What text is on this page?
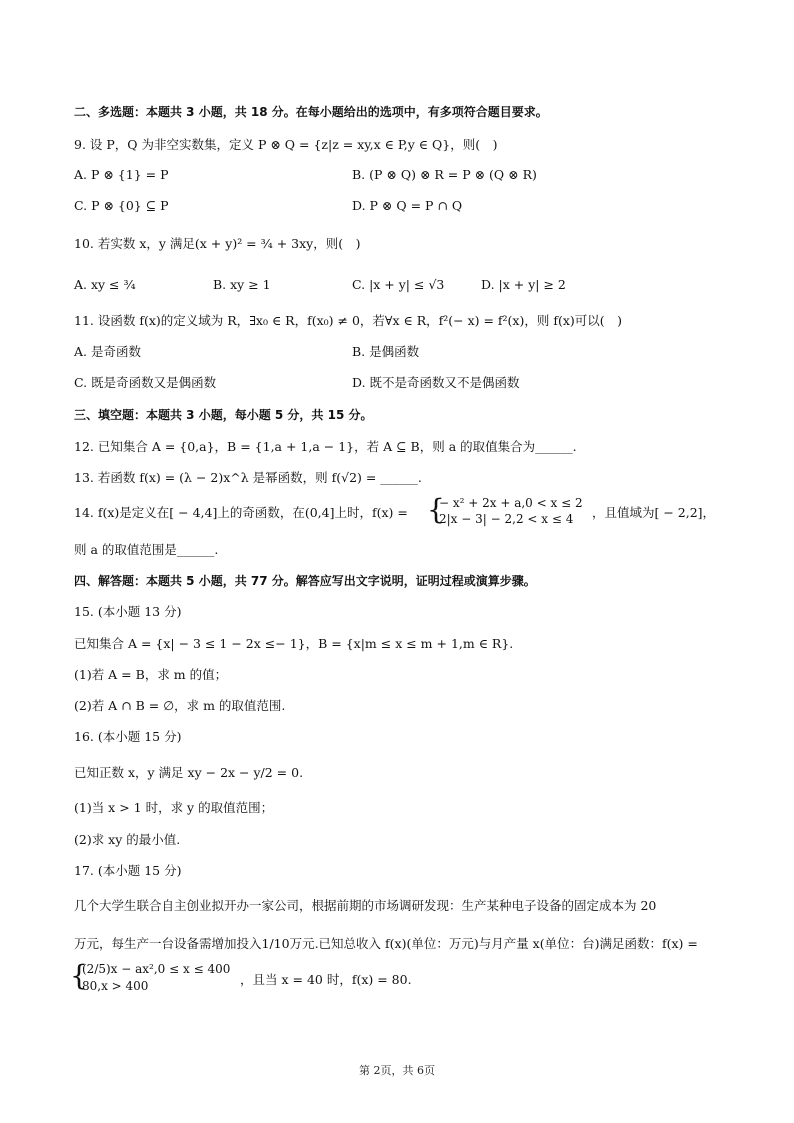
二、多选题：本题共 3 小题，共 18 分。在每小题给出的选项中，有多项符合题目要求。
9. 设 P，Q 为非空实数集，定义 P ⊗ Q = {z|z = xy,x ∈ P,y ∈ Q}，则(　)
A. P ⊗ {1} = P	B. (P ⊗ Q) ⊗ R = P ⊗ (Q ⊗ R)
C. P ⊗ {0} ⊆ P	D. P ⊗ Q = P ∩ Q
10. 若实数 x，y 满足(x + y)² = ¾ + 3xy，则(　)
A. xy ≤ ¾	B. xy ≥ 1	C. |x + y| ≤ √3	D. |x + y| ≥ 2
11. 设函数 f(x)的定义域为 R，∃x₀ ∈ R，f(x₀) ≠ 0，若∀x ∈ R，f²(− x) = f²(x)，则 f(x)可以(　)
A. 是奇函数	B. 是偶函数
C. 既是奇函数又是偶函数	D. 既不是奇函数又不是偶函数
三、填空题：本题共 3 小题，每小题 5 分，共 15 分。
12. 已知集合 A = {0,a}，B = {1,a + 1,a − 1}，若 A ⊆ B，则 a 的取值集合为______.
13. 若函数 f(x) = (λ − 2)x^λ 是幂函数，则 f(√2) = ______.
14. f(x)是定义在[ − 4,4]上的奇函数，在(0,4]上时，f(x) = {
− x² + 2x + a,0 < x ≤ 2
2|x − 3| − 2,2 < x ≤ 4 ，且值域为[ − 2,2]，
则 a 的取值范围是______.
四、解答题：本题共 5 小题，共 77 分。解答应写出文字说明，证明过程或演算步骤。
15. (本小题 13 分)
已知集合 A = {x| − 3 ≤ 1 − 2x ≤− 1}，B = {x|m ≤ x ≤ m + 1,m ∈ R}.
(1)若 A = B，求 m 的值；
(2)若 A ∩ B = ∅，求 m 的取值范围.
16. (本小题 15 分)
已知正数 x，y 满足 xy − 2x − y/2 = 0.
(1)当 x > 1 时，求 y 的取值范围；
(2)求 xy 的最小值.
17. (本小题 15 分)
几个大学生联合自主创业拟开办一家公司，根据前期的市场调研发现：生产某种电子设备的固定成本为 20
万元，每生产一台设备需增加投入1/10万元.已知总收入 f(x)(单位：万元)与月产量 x(单位：台)满足函数：f(x) =
{
(2/5)x − ax²,0 ≤ x ≤ 400
80,x > 400	，且当 x = 40 时，f(x) = 80.
第 2页，共 6页
